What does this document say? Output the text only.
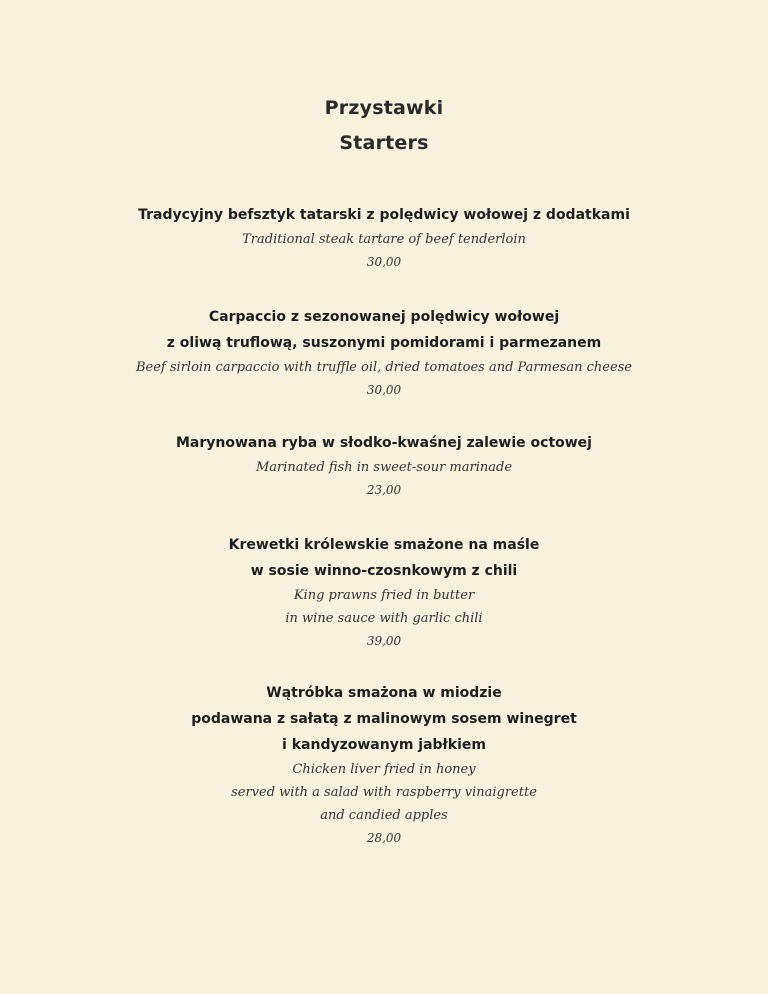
Przystawki
Starters
Tradycyjny befsztyk tatarski z polędwicy wołowej z dodatkami
Traditional steak tartare of beef tenderloin
30,00
Carpaccio z sezonowanej polędwicy wołowej
z oliwą truflową, suszonymi pomidorami i parmezanem
Beef sirloin carpaccio with truffle oil, dried tomatoes and Parmesan cheese
30,00
Marynowana ryba w słodko-kwaśnej zalewie octowej
Marinated fish in sweet-sour marinade
23,00
Krewetki królewskie smażone na maśle
w sosie winno-czosnkowym z chili
King prawns fried in butter
in wine sauce with garlic chili
39,00
Wątróbka smażona w miodzie
podawana z sałatą z malinowym sosem winegret
i kandyzowanym jabłkiem
Chicken liver fried in honey
served with a salad with raspberry vinaigrette
and candied apples
28,00
